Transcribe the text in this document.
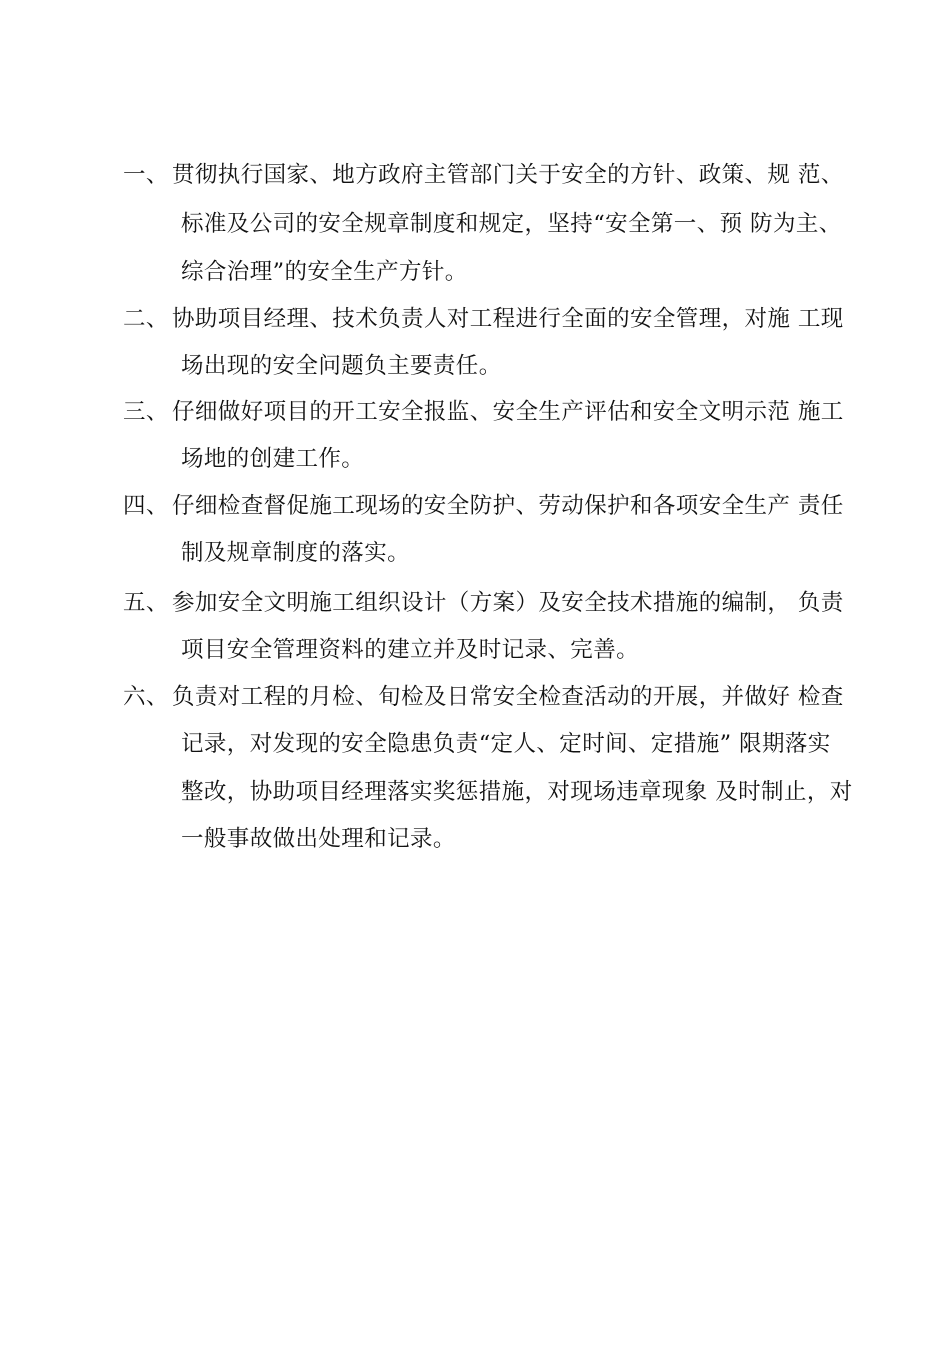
一、 贯彻执行国家、地方政府主管部门关于安全的方针、政策、规 范、
标准及公司的安全规章制度和规定，坚持“安全第一、预 防为主、
综合治理”的安全生产方针。
二、 协助项目经理、技术负责人对工程进行全面的安全管理，对施 工现
场出现的安全问题负主要责任。
三、 仔细做好项目的开工安全报监、安全生产评估和安全文明示范 施工
场地的创建工作。
四、 仔细检查督促施工现场的安全防护、劳动保护和各项安全生产 责任
制及规章制度的落实。
五、 参加安全文明施工组织设计（方案）及安全技术措施的编制， 负责
项目安全管理资料的建立并及时记录、完善。
六、 负责对工程的月检、旬检及日常安全检查活动的开展，并做好 检查
记录，对发现的安全隐患负责“定人、定时间、定措施” 限期落实
整改，协助项目经理落实奖惩措施，对现场违章现象 及时制止，对
一般事故做出处理和记录。
